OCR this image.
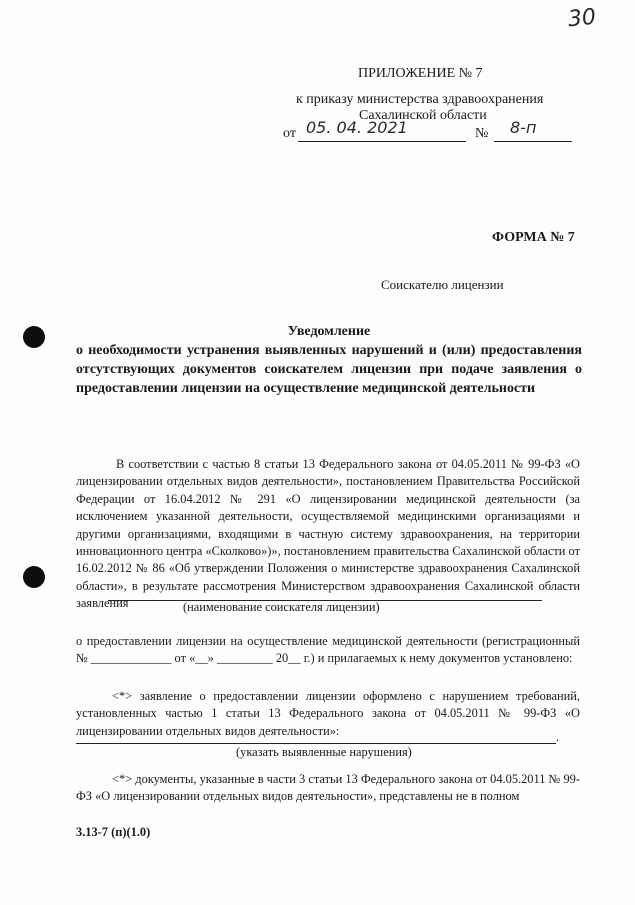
30
ПРИЛОЖЕНИЕ № 7
к приказу министерства здравоохранения
Сахалинской области
от 05. 04. 2021	№ 8-п
ФОРМА № 7
Соискателю лицензии
Уведомление
о необходимости устранения выявленных нарушений и (или) предоставления отсутствующих документов соискателем лицензии при подаче заявления о предоставлении лицензии на осуществление медицинской деятельности
В соответствии с частью 8 статьи 13 Федерального закона от 04.05.2011 № 99-ФЗ «О лицензировании отдельных видов деятельности», постановлением Правительства Российской Федерации от 16.04.2012 № 291 «О лицензировании медицинской деятельности (за исключением указанной деятельности, осуществляемой медицинскими организациями и другими организациями, входящими в частную систему здравоохранения, на территории инновационного центра «Сколково»)», постановлением правительства Сахалинской области от 16.02.2012 № 86 «Об утверждении Положения о министерстве здравоохранения Сахалинской области», в результате рассмотрения Министерством здравоохранения Сахалинской области заявления	(наименование соискателя лицензии)
о предоставлении лицензии на осуществление медицинской деятельности (регистрационный № _____________ от «__» _________ 20__ г.) и прилагаемых к нему документов установлено:
<*> заявление о предоставлении лицензии оформлено с нарушением требований, установленных частью 1 статьи 13 Федерального закона от 04.05.2011 № 99-ФЗ «О лицензировании отдельных видов деятельности»:	.
(указать выявленные нарушения)
<*> документы, указанные в части 3 статьи 13 Федерального закона от 04.05.2011 № 99-ФЗ «О лицензировании отдельных видов деятельности», представлены не в полном
3.13-7 (п)(1.0)
